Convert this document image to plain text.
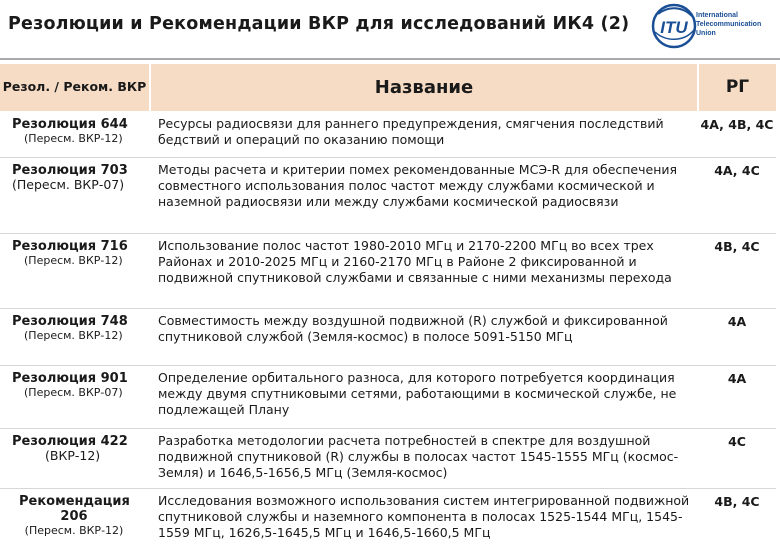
Резолюции и Рекомендации ВКР для исследований ИК4 (2) ITU
International
Telecommunication
Union
Резол. / Реком. ВКР	Название	РГ

Резолюция 644
(Пересм. ВКР-12)	Ресурсы радиосвязи для раннего предупреждения, смягчения последствий бедствий и операций по оказанию помощи	4A, 4B, 4C

Резолюция 703
(Пересм. ВКР-07)	Методы расчета и критерии помех рекомендованные МСЭ-R для обеспечения совместного использования полос частот между службами космической и наземной радиосвязи или между службами космической радиосвязи	4A, 4C

Резолюция 716
(Пересм. ВКР-12)	Использование полос частот 1980-2010 МГц и 2170-2200 МГц во всех трех Районах и 2010-2025 МГц и 2160-2170 МГц в Районе 2 фиксированной и подвижной спутниковой службами и связанные с ними механизмы перехода	4B, 4C

Резолюция 748
(Пересм. ВКР-12)	Совместимость между воздушной подвижной (R) службой и фиксированной спутниковой службой (Земля-космос) в полосе 5091-5150 МГц	4A

Резолюция 901
(Пересм. ВКР-07)	Определение орбитального разноса, для которого потребуется координация между двумя спутниковыми сетями, работающими в космической службе, не подлежащей Плану	4A

Резолюция 422
(ВКР-12)	Разработка методологии расчета потребностей в спектре для воздушной подвижной спутниковой (R) службы в полосах частот 1545-1555 МГц (космос-Земля) и 1646,5-1656,5 МГц (Земля-космос)	4C

Рекомендация 206
(Пересм. ВКР-12)	Исследования возможного использования систем интегрированной подвижной спутниковой службы и наземного компонента в полосах 1525-1544 МГц, 1545-1559 МГц, 1626,5-1645,5 МГц и 1646,5-1660,5 МГц	4B, 4C
